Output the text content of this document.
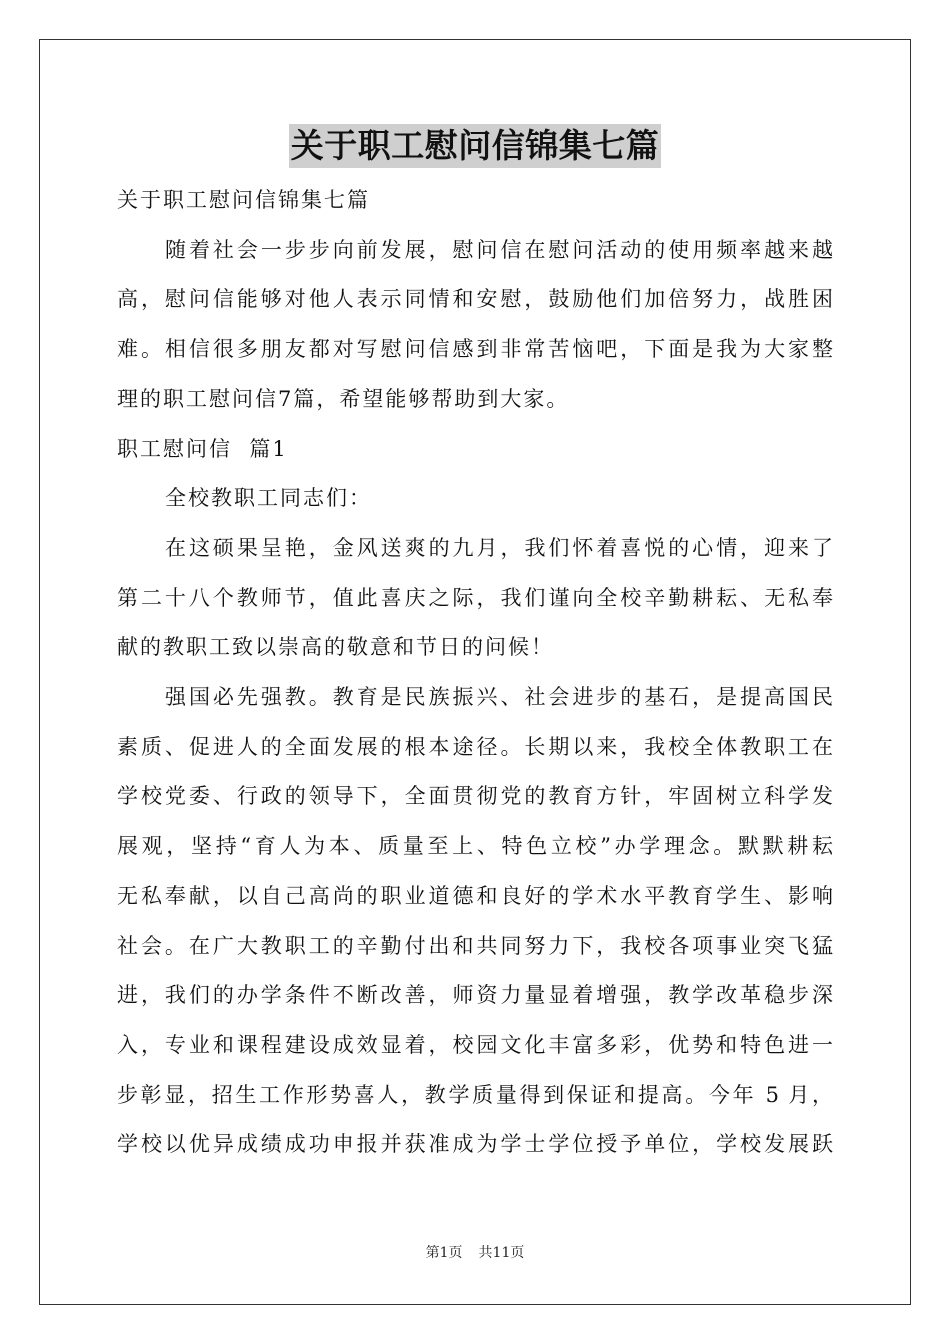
关于职工慰问信锦集七篇
关于职工慰问信锦集七篇
随着社会一步步向前发展，慰问信在慰问活动的使用频率越来越
高，慰问信能够对他人表示同情和安慰，鼓励他们加倍努力，战胜困
难。相信很多朋友都对写慰问信感到非常苦恼吧，下面是我为大家整
理的职工慰问信7篇，希望能够帮助到大家。
职工慰问信  篇1
全校教职工同志们：
在这硕果呈艳，金风送爽的九月，我们怀着喜悦的心情，迎来了
第二十八个教师节，值此喜庆之际，我们谨向全校辛勤耕耘、无私奉
献的教职工致以崇高的敬意和节日的问候！
强国必先强教。教育是民族振兴、社会进步的基石，是提高国民
素质、促进人的全面发展的根本途径。长期以来，我校全体教职工在
学校党委、行政的领导下，全面贯彻党的教育方针，牢固树立科学发
展观，坚持“育人为本、质量至上、特色立校”办学理念。默默耕耘
无私奉献，以自己高尚的职业道德和良好的学术水平教育学生、影响
社会。在广大教职工的辛勤付出和共同努力下，我校各项事业突飞猛
进，我们的办学条件不断改善，师资力量显着增强，教学改革稳步深
入，专业和课程建设成效显着，校园文化丰富多彩，优势和特色进一
步彰显，招生工作形势喜人，教学质量得到保证和提高。今年 5 月，
学校以优异成绩成功申报并获准成为学士学位授予单位，学校发展跃
第1页 共11页
